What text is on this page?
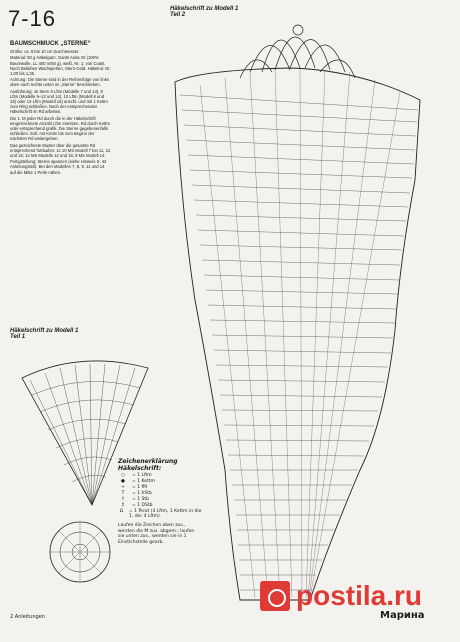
7-16	Häkelschrift zu Modell 1
Teil 2
Häkelschrift zu Modell 1
Teil 1
BAUMSCHMUCK „STERNE“

Größe: ca. 8 bis 10 cm Durchmesser.

Material: 50 g Häkelgarn, Gants Anita 20 (100% Baumwolle, LL 400 m/50 g), weiß, Nr. 1, von Coats. Noch Belieben Wachsperlen, Stern-Gold. Häkelnd. Nr. 1,00 bis 1,25.

Achtung: Die Sterne sind in der Reihenfolge von links oben nach rechts unten im „Sterne“ beschrieben.

Ausführung: Je Stern 8 Lftm (Modelle 7 und 13), 8 Lftm (Modelle 9–12 und 14), 10 Lftm (Modell 8 und 15) oder 12 Lftm (Modell 16) anschl. und mit 1 Kettm zum Ring schließen. Nach der entsprechenden Häkelschrift im Rd arbeiten.

Die 1. M jeder Rd durch die in der Häkelschrift eingezeichnete Anzahl Lftm ersetzen. Rd durch Kettm oder entsprechend grafik. Die Sterne gegebenenfalls schließen. Evtl. mit Kettm bis zum Beginn der nächsten Rd weitergehen.

Das gezeichnete Muster über die gesamte Rd entsprechend fortlaufen: 1x 10 MS Modell 7 bei 11, 12 und 15; 12 MS Modelle 12 und 16; 8 MS Modell 14.

Fertigstellung: Sterne spannen (siehe Hinweis S. 42 Anleitungsteil). Bei den Modellen 7, 8, 9, 11 und 14 auf die Mitte 1 Perle nähen.

Zeichenerklärung Häkelschrift:
○	= 1 Lftm
●	= 1 Kettm
+	= 1 fM
T	= 1 hStb
†	= 1 Stb
‡	= 1 DStb
Ω	= 1 Picot (4 Lftm, 1 Kettm in die 1. der 4 Lftm)
Laufen die Zeichen oben zus., werden die M zus. abgem.; laufen sie unten zus., werden sie in 1 Einstichstelle gearb.
postila.ru
2 Anleitungen	Марина
